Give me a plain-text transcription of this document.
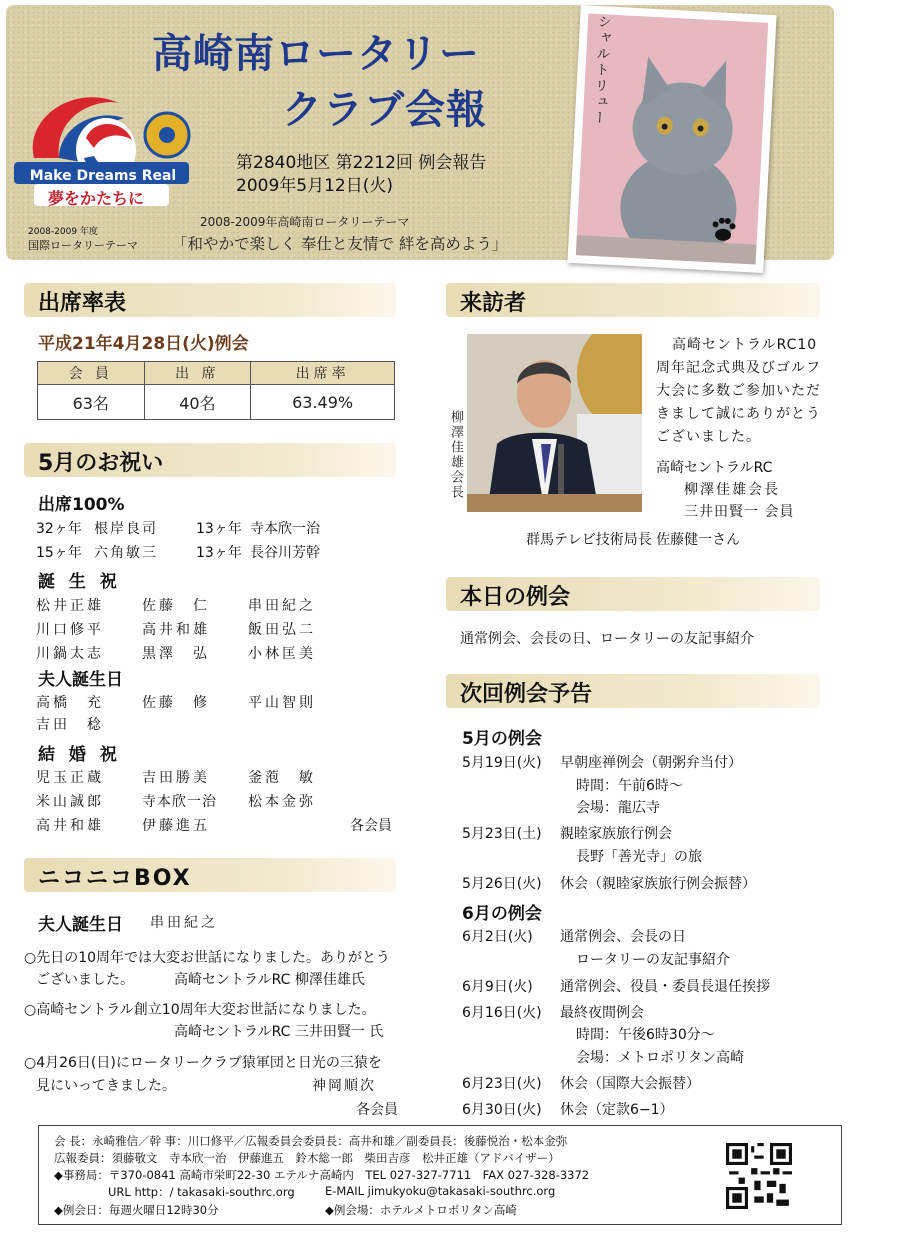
Make Dreams Real
夢をかたちに
2008-2009 年度
国際ロータリーテーマ
高崎南ロータリー
クラブ会報
第2840地区 第2212回 例会報告
2009年5月12日(火)
2008-2009年高崎南ロータリーテーマ
「和やかで楽しく 奉仕と友情で 絆を高めよう」
シャルトリュー
出席率表
平成21年4月28日(火)例会
会 員	出 席	出席率
63名	40名	63.49%
5月のお祝い
出席100%
32ヶ年 根岸良司	13ヶ年 寺本欣一治
15ヶ年 六角敏三	13ヶ年 長谷川芳幹
誕 生 祝
松井正雄	佐藤　仁	串田紀之
川口修平	高井和雄	飯田弘二
川鍋太志	黒澤　弘	小林匡美
夫人誕生日
高橋　充	佐藤　修	平山智則
吉田　稔
結 婚 祝
児玉正蔵	吉田勝美	釜萢　敏
米山誠郎	寺本欣一治 松本金弥
高井和雄	伊藤進五	各会員
ニコニコBOX
夫人誕生日 串田紀之
○先日の10周年では大変お世話になりました。ありがとう
ございました。	高崎セントラルRC 柳澤佳雄氏
○高崎セントラル創立10周年大変お世話になりました。
高崎セントラルRC 三井田賢一 氏
○4月26日(日)にロータリークラブ猿軍団と日光の三猿を
見にいってきました。	神岡順次
各会員
来訪者
柳澤佳雄会長
高崎セントラルRC10
周年記念式典及びゴルフ
大会に多数ご参加いただ
きまして誠にありがとう
ございました。
高崎セントラルRC
柳澤佳雄会長
三井田賢一 会員
群馬テレビ技術局長 佐藤健一さん
本日の例会
通常例会、会長の日、ロータリーの友記事紹介
次回例会予告
5月の例会
5月19日(火) 早朝座禅例会（朝粥弁当付）
時間：午前6時～
会場：龍広寺
5月23日(土) 親睦家族旅行例会
長野「善光寺」の旅
5月26日(火) 休会（親睦家族旅行例会振替）
6月の例会
6月2日(火) 通常例会、会長の日
ロータリーの友記事紹介
6月9日(火) 通常例会、役員・委員長退任挨拶
6月16日(火) 最終夜間例会
時間：午後6時30分～
会場：メトロポリタン高崎
6月23日(火) 休会（国際大会振替）
6月30日(火) 休会（定款6−1）
会 長：永崎雅信／幹 事：川口修平／広報委員会委員長：高井和雄／副委員長：後藤悦治・松本金弥
広報委員：須藤敬文　寺本欣一治　伊藤進五　鈴木総一郎　柴田吉彦　松井正雄（アドバイザー）
◆事務局：〒370-0841 高崎市栄町22-30 エテルナ高崎内　TEL 027-327-7711　FAX 027-328-3372
URL http：/ takasaki-southrc.org	E-MAIL jimukyoku@takasaki-southrc.org
◆例会日：毎週火曜日12時30分	◆例会場：ホテルメトロポリタン高崎
